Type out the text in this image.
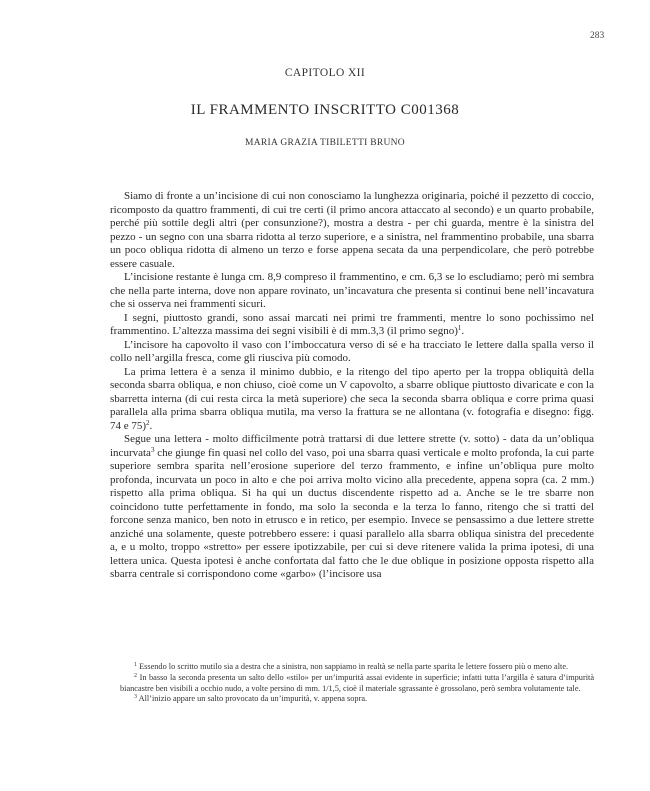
283
CAPITOLO XII
IL FRAMMENTO INSCRITTO C001368
MARIA GRAZIA TIBILETTI BRUNO

Siamo di fronte a un’incisione di cui non conosciamo la lunghezza originaria, poiché il pezzetto di coccio, ricomposto da quattro frammenti, di cui tre certi (il primo ancora attaccato al secondo) e un quarto probabile, perché più sottile degli altri (per consunzione?), mostra a destra - per chi guarda, mentre è la sinistra del pezzo - un segno con una sbarra ridotta al terzo superiore, e a sinistra, nel frammentino probabile, una sbarra un poco obliqua ridotta di almeno un terzo e forse appena secata da una perpendicolare, che però potrebbe essere casuale.

L’incisione restante è lunga cm. 8,9 compreso il frammentino, e cm. 6,3 se lo escludiamo; però mi sembra che nella parte interna, dove non appare rovinato, un’incavatura che presenta si continui bene nell’incavatura che si osserva nei frammenti sicuri.

I segni, piuttosto grandi, sono assai marcati nei primi tre frammenti, mentre lo sono pochissimo nel frammentino. L’altezza massima dei segni visibili è di mm.3,3 (il primo segno)$^1$.

L’incisore ha capovolto il vaso con l’imboccatura verso di sé e ha tracciato le lettere dalla spalla verso il collo nell’argilla fresca, come gli riusciva più comodo.

La prima lettera è a senza il minimo dubbio, e la ritengo del tipo aperto per la troppa obliquità della seconda sbarra obliqua, e non chiuso, cioè come un V capovolto, a sbarre oblique piuttosto divaricate e con la sbarretta interna (di cui resta circa la metà superiore) che seca la seconda sbarra obliqua e corre prima quasi parallela alla prima sbarra obliqua mutila, ma verso la frattura se ne allontana (v. fotografia e disegno: figg. 74 e 75)$^2$.

Segue una lettera - molto difficilmente potrà trattarsi di due lettere strette (v. sotto) - data da un’obliqua incurvata$^3$ che giunge fin quasi nel collo del vaso, poi una sbarra quasi verticale e molto profonda, la cui parte superiore sembra sparita nell’erosione superiore del terzo frammento, e infine un’obliqua pure molto profonda, incurvata un poco in alto e che poi arriva molto vicino alla precedente, appena sopra (ca. 2 mm.) rispetto alla prima obliqua. Si ha qui un ductus discendente rispetto ad a. Anche se le tre sbarre non coincidono tutte perfettamente in fondo, ma solo la seconda e la terza lo fanno, ritengo che si tratti del forcone senza manico, ben noto in etrusco e in retico, per esempio. Invece se pensassimo a due lettere strette anziché una solamente, queste potrebbero essere: i quasi parallelo alla sbarra obliqua sinistra del precedente a, e u molto, troppo «stretto» per essere ipotizzabile, per cui si deve ritenere valida la prima ipotesi, di una lettera unica. Questa ipotesi è anche confortata dal fatto che le due oblique in posizione opposta rispetto alla sbarra centrale si corrispondono come «garbo» (l’incisore usa

$^1$ Essendo lo scritto mutilo sia a destra che a sinistra, non sappiamo in realtà se nella parte sparita le lettere fossero più o meno alte.

$^2$ In basso la seconda presenta un salto dello «stilo» per un’impurità assai evidente in superficie; infatti tutta l’argilla è satura d’impurità biancastre ben visibili a occhio nudo, a volte persino di mm. 1/1,5, cioè il materiale sgrassante è grossolano, però sembra volutamente tale.

$^3$ All’inizio appare un salto provocato da un’impurità, v. appena sopra.
